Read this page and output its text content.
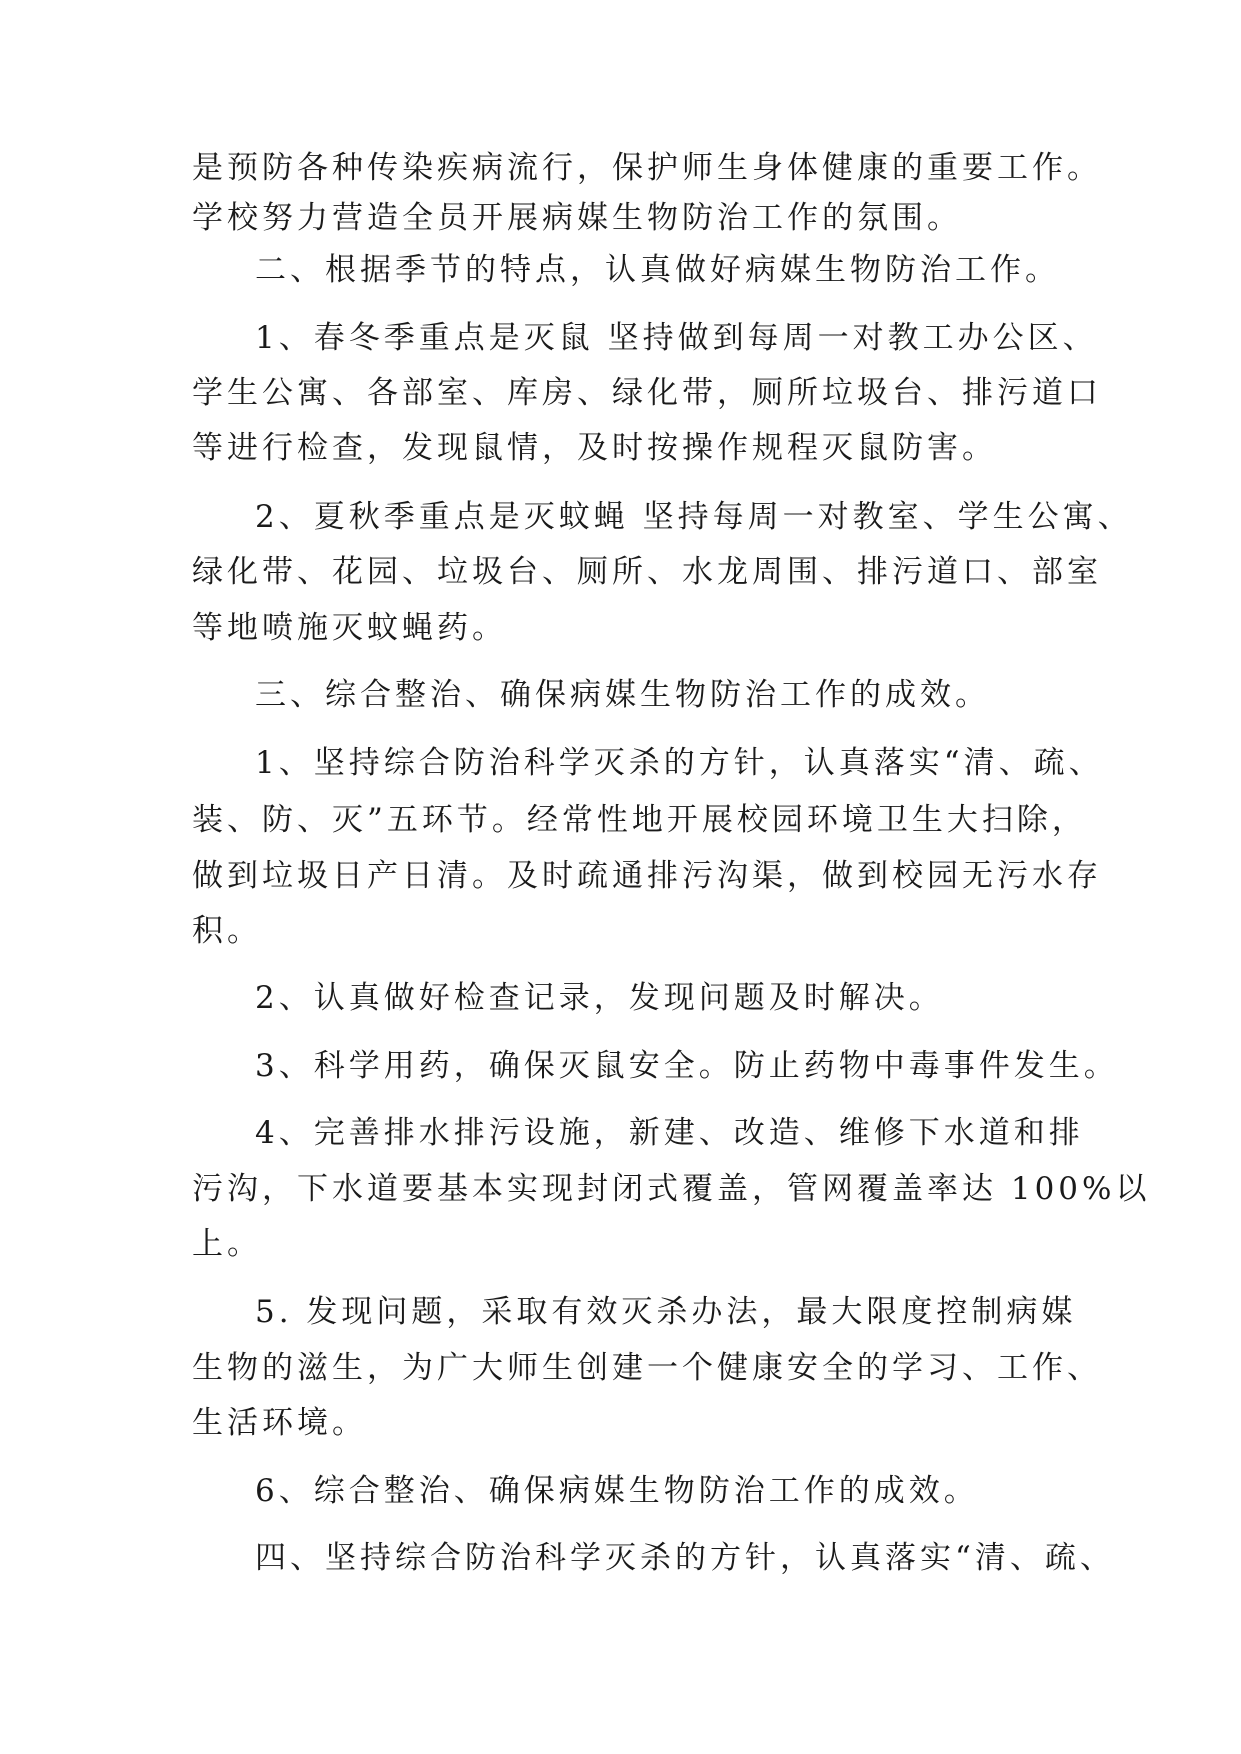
是预防各种传染疾病流行，保护师生身体健康的重要工作。
学校努力营造全员开展病媒生物防治工作的氛围。
二、根据季节的特点，认真做好病媒生物防治工作。
1、春冬季重点是灭鼠 坚持做到每周一对教工办公区、
学生公寓、各部室、库房、绿化带，厕所垃圾台、排污道口
等进行检查，发现鼠情，及时按操作规程灭鼠防害。
2、夏秋季重点是灭蚊蝇 坚持每周一对教室、学生公寓、
绿化带、花园、垃圾台、厕所、水龙周围、排污道口、部室
等地喷施灭蚊蝇药。
三、综合整治、确保病媒生物防治工作的成效。
1、坚持综合防治科学灭杀的方针，认真落实“清、疏、
装、防、灭”五环节。经常性地开展校园环境卫生大扫除，
做到垃圾日产日清。及时疏通排污沟渠，做到校园无污水存
积。
2、认真做好检查记录，发现问题及时解决。
3、科学用药，确保灭鼠安全。防止药物中毒事件发生。
4、完善排水排污设施，新建、改造、维修下水道和排
污沟，下水道要基本实现封闭式覆盖，管网覆盖率达 100%以
上。
5. 发现问题，采取有效灭杀办法，最大限度控制病媒
生物的滋生，为广大师生创建一个健康安全的学习、工作、
生活环境。
6、综合整治、确保病媒生物防治工作的成效。
四、坚持综合防治科学灭杀的方针，认真落实“清、疏、
